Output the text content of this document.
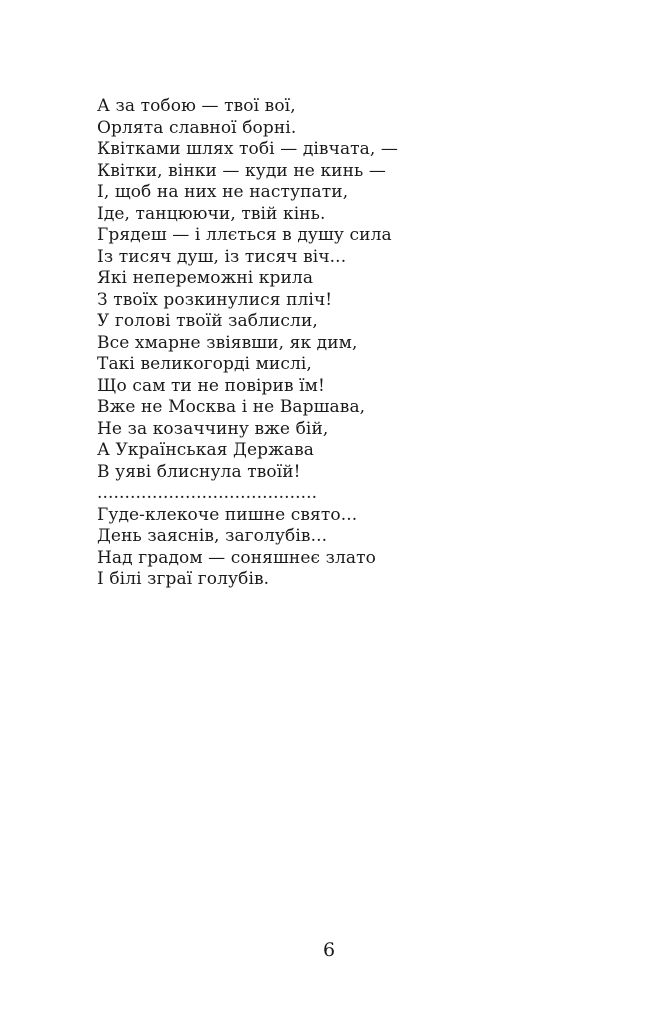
А за тобою — твої вої,
Орлята славної борні.
Квітками шлях тобі — дівчата, —
Квітки, вінки — куди не кинь —
І, щоб на них не наступати,
Іде, танцюючи, твій кінь.
Грядеш — і ллється в душу сила
Із тисяч душ, із тисяч віч...
Які непереможні крила
З твоїх розкинулися пліч!
У голові твоїй заблисли,
Все хмарне звіявши, як дим,
Такі великогорді мислі,
Що сам ти не повірив їм!
Вже не Москва і не Варшава,
Не за козаччину вже бій,
А Українськая Держава
В уяві блиснула твоїй!
........................................
Гуде-клекоче пишне свято...
День заяснів, заголубів...
Над градом — соняшнеє злато
І білі зграї голубів.
6
